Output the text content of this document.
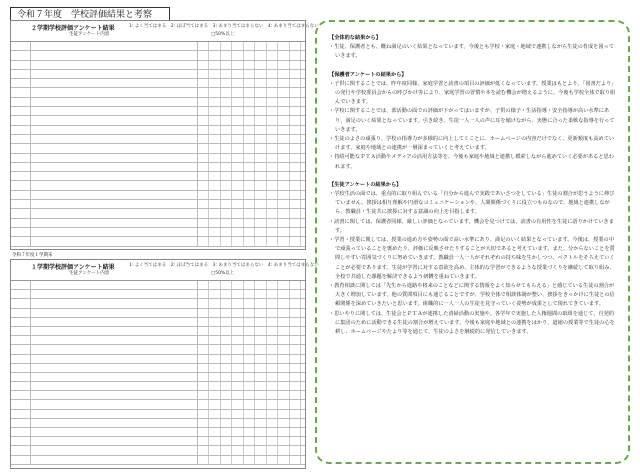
令和７年度　学校評価結果と考察
２学期学校評価アンケート結果	1: よく当てはまる　2: ほぼ当てはまる　3: あまり当てはまらない　4: あまり当てはまらない
生徒アンケート内容	□50%以上
令和７年度１学期末
１学期学校評価アンケート結果	1: よく当てはまる　2: ほぼ当てはまる　3: あまり当てはまらない　4: あまり当てはまらない
生徒アンケート内容	□50%以上
【全体的な結果から】
・生徒、保護者とも、概ね満足のいく結果となっています。今後とも学校・家庭・地域で連携しながら生徒の育成を図っていきます。
【保護者アンケートの結果から】
・子供に関することでは、昨年度同様、家庭学習と読書の項目の評価が低くなっています。授業はもとより、「図書だより」の発行や学校委員会からの呼びかけ等により、家庭学習の習慣や本を読む機会が増えるように、今後も学校全体で取り組んでいきます。
・学校に関することでは、部活動の面での評価が下がってはいますが、子供の様子・生活指導・安全指導が高い水準にあり、満足のいく結果となっています。引き続き、生徒一人一人の声に耳を傾けながら、実態に合った柔軟な指導を行っていきます。
・生徒のよさの頑張り、学校の指導力が多様的に向上してくことに、ホームページの内容だけでなく、更新頻度も高めていけます。家庭や地域との連携が一層深まっていくと考えています。
・持続可能なＰＴＡ活動やメディアの活用方法等を、今後も家庭や地域と連携し模索しながら進めていく必要があると思われます。
【生徒アンケートの結果から】
・学校生活の面では、重点的に取り組んでいる「自分から進んで実践であいさつをしている」生徒の割合が思うように伸びていません。挨拶は相互理解や円滑なコミュニケーションや、人間関係づくりに役立つものなので、地域と連携しながら、教職員・生徒共に挨拶に対する意識の向上を目指します。
・読書に関しては、保護者同様、厳しい評価となっています。機会を見つけては、読書の有用性を生徒に語りかけていきます。
・学習・授業に関しては、授業の進め方や姿勢の面で高い水準にあり、満足のいく結果となっています。今後は、授業の中で頑張っていることを褒めたり、評価に反映させたりすることが大切であると考えています。また、分からないことを質問しやすい雰囲気づくりに努めていきます。教職員一人一人がそれぞれの持ち味を生かしつつ、ベクトルをそろえていくことが必要であります。生徒が学習に対する意欲を高め、主体的な学習ができるような授業づくりを継続して取り組み、全校で共通した課題を解決できるよう研鑽を重ねていきます。
・教育相談に関しては「先生から進路や将来のことなどに関する情報をよく知らせてもらえる」と感じている生徒の割合が大きく増加しています。他の質問項目にも通じることですが、学校全体で相談体制が整い、挨拶をきっかけに生徒との信頼関係を深めていきたいと思います。組織的に一人一人の生徒を見守っていく姿勢が成果として現れてきています。
・思いやりに関しては、生徒会とＰＴＡが連携した清掃活動の実施や、各学年で実施した人権週間の取組を通じて、自発的に集団のために活動できる生徒の割合が増えています。今後も家庭や地域との連携をはかり、道徳の授業等で生徒の心を耕し、ホームページやたより等を通じて、生徒のよさを継続的に発信していきます。
